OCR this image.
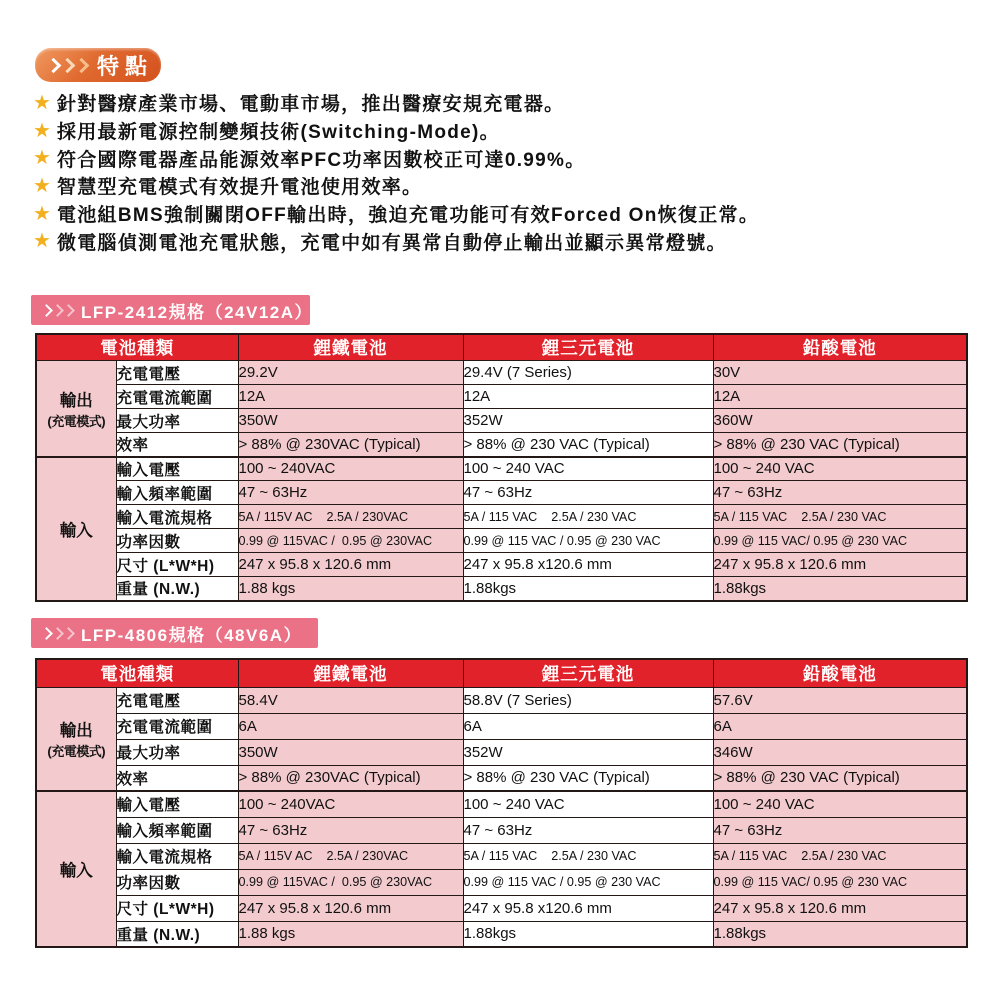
特點
★ 針對醫療產業市場、電動車市場，推出醫療安規充電器。
★ 採用最新電源控制變頻技術(Switching-Mode)。
★ 符合國際電器產品能源效率PFC功率因數校正可達0.99%。
★ 智慧型充電模式有效提升電池使用效率。
★ 電池組BMS強制關閉OFF輸出時，強迫充電功能可有效Forced On恢復正常。
★ 微電腦偵測電池充電狀態，充電中如有異常自動停止輸出並顯示異常燈號。
LFP-2412規格（24V12A）
電池種類		鋰鐵電池	鋰三元電池	鉛酸電池

輸出
(充電模式)	充電電壓	29.2V	29.4V (7 Series)	30V
	充電電流範圍	12A	12A	12A
	最大功率	350W	352W	360W
	效率	> 88% @ 230VAC (Typical)	> 88% @ 230 VAC (Typical)	> 88% @ 230 VAC (Typical)

輸入	輸入電壓	100 ~ 240VAC	100 ~ 240 VAC	100 ~ 240 VAC
	輸入頻率範圍	47 ~ 63Hz	47 ~ 63Hz	47 ~ 63Hz
	輸入電流規格	5A / 115V AC    2.5A / 230VAC	5A / 115 VAC    2.5A / 230 VAC	5A / 115 VAC    2.5A / 230 VAC
	功率因數	0.99 @ 115VAC /  0.95 @ 230VAC	0.99 @ 115 VAC / 0.95 @ 230 VAC	0.99 @ 115 VAC/ 0.95 @ 230 VAC
	尺寸 (L*W*H)	247 x 95.8 x 120.6 mm	247 x 95.8 x120.6 mm	247 x 95.8 x 120.6 mm
	重量 (N.W.)	1.88 kgs	1.88kgs	1.88kgs
LFP-4806規格（48V6A）
電池種類		鋰鐵電池	鋰三元電池	鉛酸電池

輸出
(充電模式)	充電電壓	58.4V	58.8V (7 Series)	57.6V
	充電電流範圍	6A	6A	6A
	最大功率	350W	352W	346W
	效率	> 88% @ 230VAC (Typical)	> 88% @ 230 VAC (Typical)	> 88% @ 230 VAC (Typical)

輸入	輸入電壓	100 ~ 240VAC	100 ~ 240 VAC	100 ~ 240 VAC
	輸入頻率範圍	47 ~ 63Hz	47 ~ 63Hz	47 ~ 63Hz
	輸入電流規格	5A / 115V AC    2.5A / 230VAC	5A / 115 VAC    2.5A / 230 VAC	5A / 115 VAC    2.5A / 230 VAC
	功率因數	0.99 @ 115VAC /  0.95 @ 230VAC	0.99 @ 115 VAC / 0.95 @ 230 VAC	0.99 @ 115 VAC/ 0.95 @ 230 VAC
	尺寸 (L*W*H)	247 x 95.8 x 120.6 mm	247 x 95.8 x120.6 mm	247 x 95.8 x 120.6 mm
	重量 (N.W.)	1.88 kgs	1.88kgs	1.88kgs
